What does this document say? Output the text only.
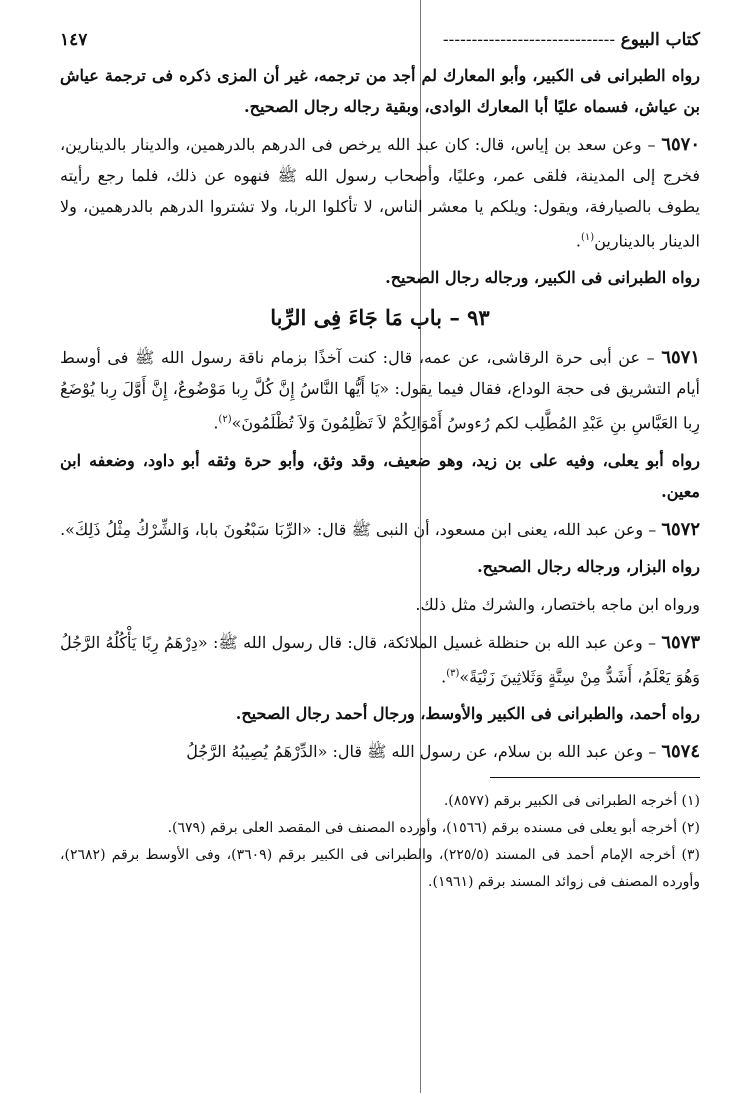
كتاب البيوع -----
١٤٧

رواه الطبرانى فى الكبير، وأبو المعارك لم أجد من ترجمه، غير أن المزى ذكره فى ترجمة عياش بن عياش، فسماه عليًا أبا المعارك الوادى، وبقية رجاله رجال الصحيح.

٦٥٧٠ – وعن سعد بن إياس، قال: كان عبد الله يرخص فى الدرهم بالدرهمين، والدينار بالدينارين، فخرج إلى المدينة، فلقى عمر، وعليًا، وأصحاب رسول الله ﷺ فنهوه عن ذلك، فلما رجع رأيته يطوف بالصيارفة، ويقول: ويلكم يا معشر الناس، لا تأكلوا الربا، ولا تشتروا الدرهم بالدرهمين، ولا الدينار بالدينارين$^{(١)}$.

رواه الطبرانى فى الكبير، ورجاله رجال الصحيح.

٩٣ – باب مَا جَاءَ فِى الرِّبا

٦٥٧١ – عن أبى حرة الرقاشى، عن عمه، قال: كنت آخذًا بزمام ناقة رسول الله ﷺ فى أوسط أيام التشريق فى حجة الوداع، فقال فيما يقول: «يَا أَيُّها النَّاسُ إِنَّ كُلَّ رِبا مَوْضُوعٌ، إِنَّ أَوَّلَ رِبا يُوْضَعُ رِبا العَبَّاسِ بنِ عَبْدِ المُطَّلِب لكم رُءوسُ أَمْوَالِكُمْ لاَ تَظْلِمُونَ وَلاَ تُظْلَمُونَ»$^{(٢)}$.

رواه أبو يعلى، وفيه على بن زيد، وهو ضعيف، وقد وثق، وأبو حرة وثقه أبو داود، وضعفه ابن معين.

٦٥٧٢ – وعن عبد الله، يعنى ابن مسعود، أن النبى ﷺ قال: «الرِّبَا سَبْعُونَ بابا، وَالشِّرْكُ مِثْلُ ذَلِكَ».

رواه البزار، ورجاله رجال الصحيح.

ورواه ابن ماجه باختصار، والشرك مثل ذلك.

٦٥٧٣ – وعن عبد الله بن حنظلة غسيل الملائكة، قال: قال رسول الله ﷺ: «دِرْهَمُ رِبًا يَأْكُلُهُ الرَّجُلُ وَهُوَ يَعْلَمُ، أَشَدُّ مِنْ سِتَّةٍ وَثَلاثِينَ زَنْيَةً»$^{(٣)}$.

رواه أحمد، والطبرانى فى الكبير والأوسط، ورجال أحمد رجال الصحيح.

٦٥٧٤ – وعن عبد الله بن سلام، عن رسول الله ﷺ قال: «الدِّرْهَمُ يُصِيبُهُ الرَّجُلُ

(١) أخرجه الطبرانى فى الكبير برقم (٨٥٧٧).

(٢) أخرجه أبو يعلى فى مسنده برقم (١٥٦٦)، وأورده المصنف فى المقصد العلى برقم (٦٧٩).

(٣) أخرجه الإمام أحمد فى المسند (٢٢٥/٥)، والطبرانى فى الكبير برقم (٣٦٠٩)، وفى الأوسط برقم (٢٦٨٢)، وأورده المصنف فى زوائد المسند برقم (١٩٦١).
